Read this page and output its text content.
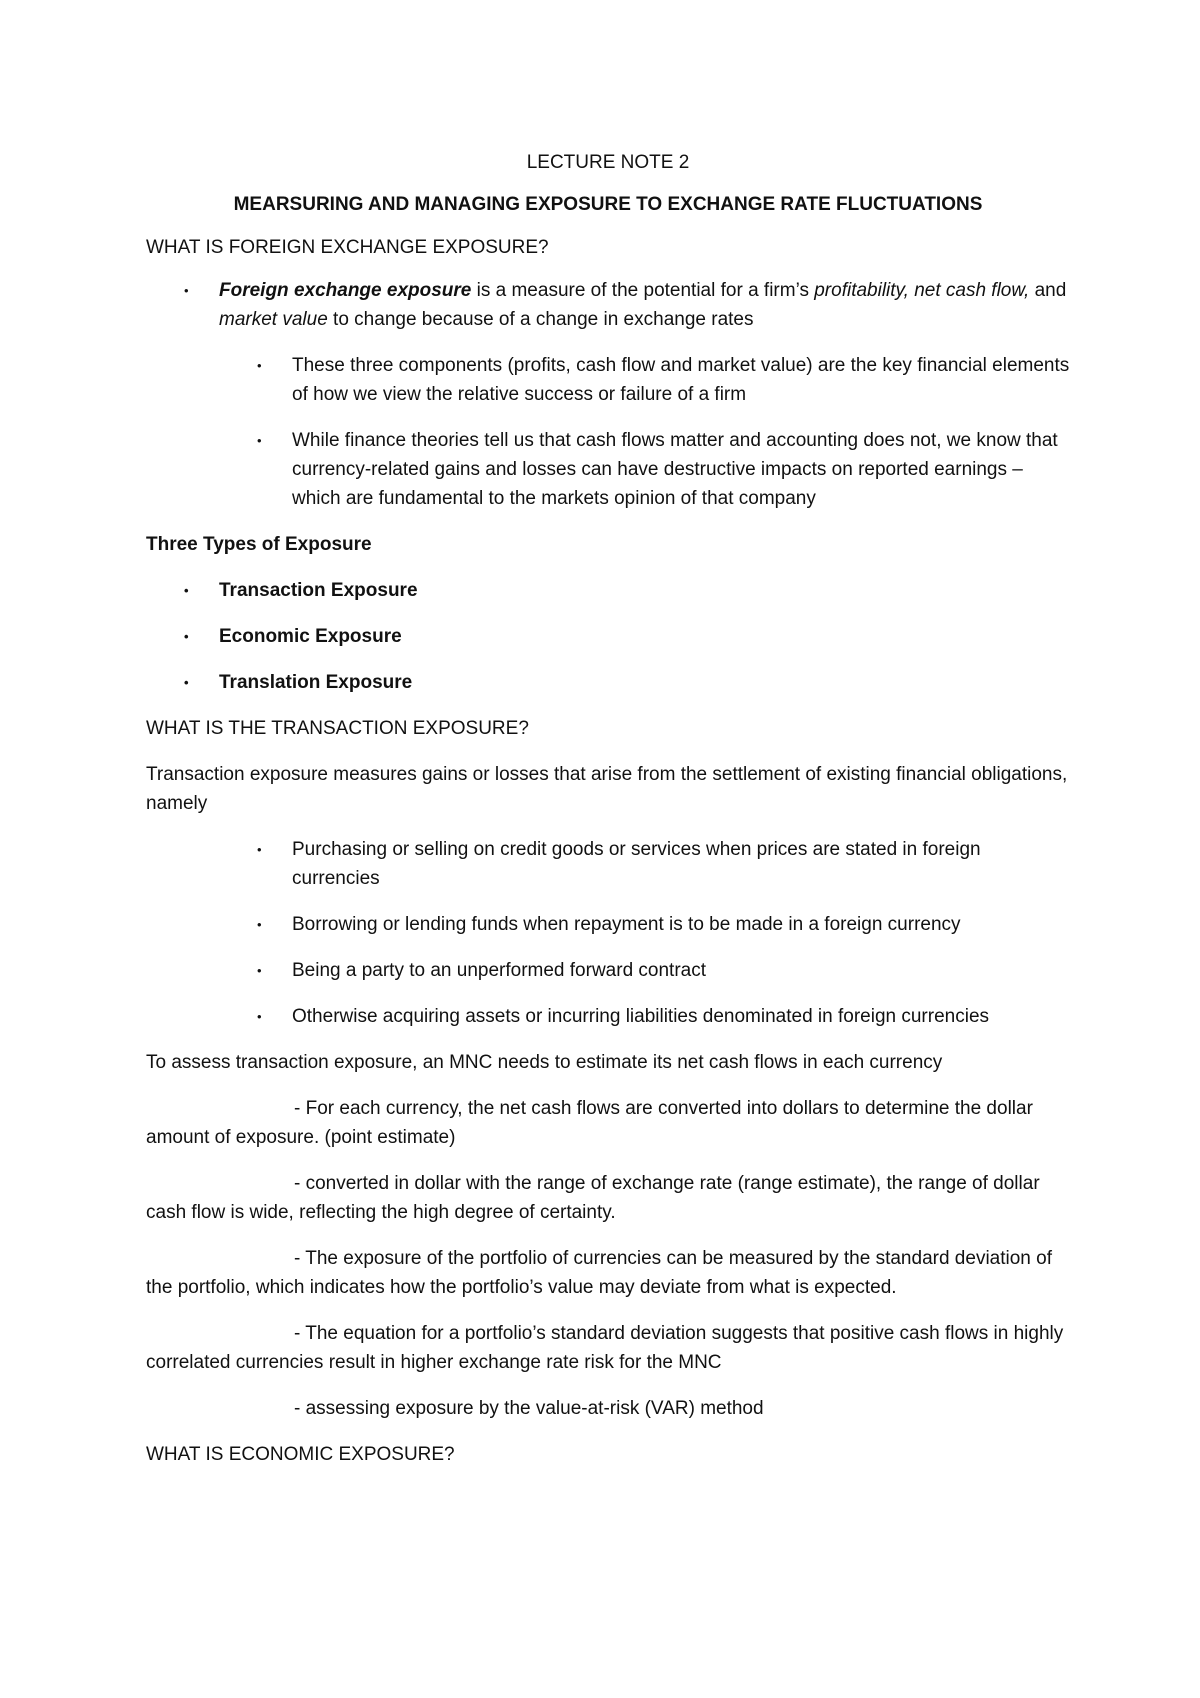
LECTURE NOTE 2

MEARSURING AND MANAGING EXPOSURE TO EXCHANGE RATE FLUCTUATIONS

WHAT IS FOREIGN EXCHANGE EXPOSURE?

• Foreign exchange exposure is a measure of the potential for a firm’s profitability, net cash flow, and market value to change because of a change in exchange rates
• These three components (profits, cash flow and market value) are the key financial elements of how we view the relative success or failure of a firm
• While finance theories tell us that cash flows matter and accounting does not, we know that currency-related gains and losses can have destructive impacts on reported earnings – which are fundamental to the markets opinion of that company

Three Types of Exposure

• Transaction Exposure
• Economic Exposure
• Translation Exposure

WHAT IS THE TRANSACTION EXPOSURE?

Transaction exposure measures gains or losses that arise from the settlement of existing financial obligations, namely

• Purchasing or selling on credit goods or services when prices are stated in foreign currencies
• Borrowing or lending funds when repayment is to be made in a foreign currency
• Being a party to an unperformed forward contract
• Otherwise acquiring assets or incurring liabilities denominated in foreign currencies

To assess transaction exposure, an MNC needs to estimate its net cash flows in each currency

- For each currency, the net cash flows are converted into dollars to determine the dollar amount of exposure. (point estimate)

- converted in dollar with the range of exchange rate (range estimate), the range of dollar cash flow is wide, reflecting the high degree of certainty.

- The exposure of the portfolio of currencies can be measured by the standard deviation of the portfolio, which indicates how the portfolio’s value may deviate from what is expected.

- The equation for a portfolio’s standard deviation suggests that positive cash flows in highly correlated currencies result in higher exchange rate risk for the MNC

- assessing exposure by the value-at-risk (VAR) method

WHAT IS ECONOMIC EXPOSURE?
